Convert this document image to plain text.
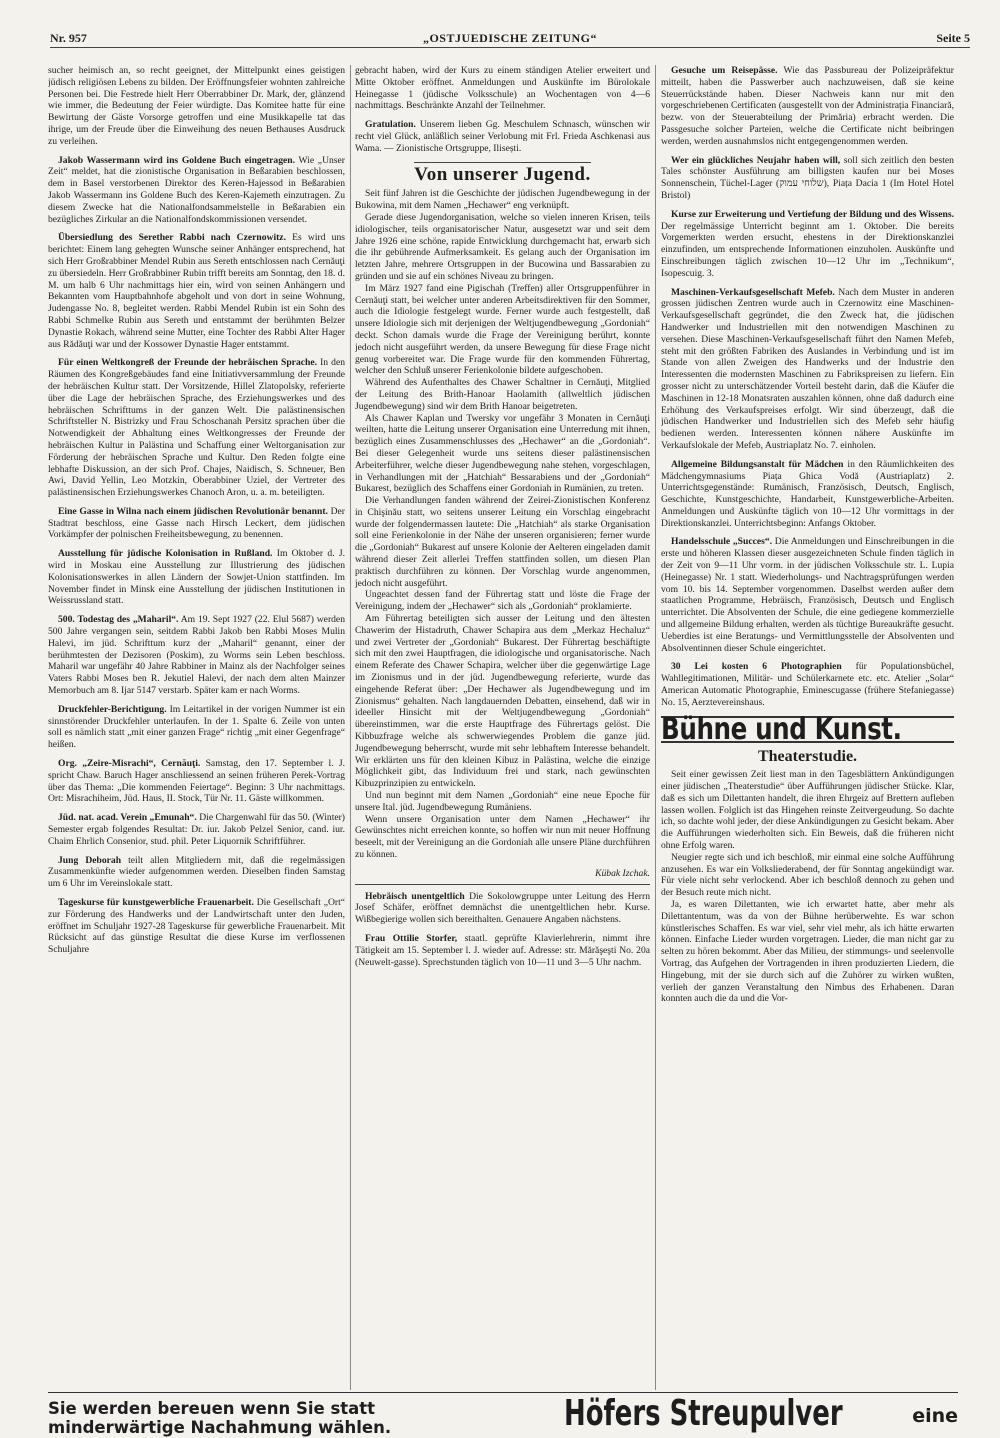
Nr. 957	„OSTJUEDISCHE ZEITUNG“	Seite 5

sucher heimisch an, so recht geeignet, der Mittelpunkt eines geistigen jüdisch religiösen Lebens zu bilden. Der Eröffnungsfeier wohnten zahlreiche Personen bei. Die Festrede hielt Herr Oberrabbiner Dr. Mark, der, glänzend wie immer, die Bedeutung der Feier würdigte. Das Komitee hatte für eine Bewirtung der Gäste Vorsorge getroffen und eine Musikkapelle tat das ihrige, um der Freude über die Einweihung des neuen Bethauses Ausdruck zu verleihen.

Jakob Wassermann wird ins Goldene Buch eingetragen. Wie „Unser Zeit“ meldet, hat die zionistische Organisation in Beßarabien beschlossen, dem in Basel verstorbenen Direktor des Keren-Hajessod in Beßarabien Jakob Wassermann ins Goldene Buch des Keren-Kajemeth einzutragen. Zu diesem Zwecke hat die Nationalfondsammelstelle in Beßarabien ein bezügliches Zirkular an die Nationalfondskommissionen versendet.

Übersiedlung des Serether Rabbi nach Czernowitz. Es wird uns berichtet: Einem lang gehegten Wunsche seiner Anhänger entsprechend, hat sich Herr Großrabbiner Mendel Rubin aus Sereth entschlossen nach Cernăuţi zu übersiedeln. Herr Großrabbiner Rubin trifft bereits am Sonntag, den 18. d. M. um halb 6 Uhr nachmittags hier ein, wird von seinen Anhängern und Bekannten vom Hauptbahnhofe abgeholt und von dort in seine Wohnung, Judengasse No. 8, begleitet werden. Rabbi Mendel Rubin ist ein Sohn des Rabbi Schmelke Rubin aus Sereth und entstammt der berühmten Belzer Dynastie Rokach, während seine Mutter, eine Tochter des Rabbi Alter Hager aus Rădăuţi war und der Kossower Dynastie Hager entstammt.

Für einen Weltkongreß der Freunde der hebräischen Sprache. In den Räumen des Kongreßgebäudes fand eine Initiativversammlung der Freunde der hebräischen Kultur statt. Der Vorsitzende, Hillel Zlatopolsky, referierte über die Lage der hebräischen Sprache, des Erziehungswerkes und des hebräischen Schrifttums in der ganzen Welt. Die palästinensischen Schriftsteller N. Bistrizky und Frau Schoschanah Persitz sprachen über die Notwendigkeit der Abhaltung eines Weltkongresses der Freunde der hebräischen Kultur in Palästina und Schaffung einer Weltorganisation zur Förderung der hebräischen Sprache und Kultur. Den Reden folgte eine lebhafte Diskussion, an der sich Prof. Chajes, Naidisch, S. Schneuer, Ben Awi, David Yellin, Leo Motzkin, Oberabbiner Uziel, der Vertreter des palästinensischen Erziehungswerkes Chanoch Aron, u. a. m. beteiligten.

Eine Gasse in Wilna nach einem jüdischen Revolutionär benannt. Der Stadtrat beschloss, eine Gasse nach Hirsch Leckert, dem jüdischen Vorkämpfer der polnischen Freiheitsbewegung, zu benennen.

Ausstellung für jüdische Kolonisation in Rußland. Im Oktober d. J. wird in Moskau eine Ausstellung zur Illustrierung des jüdischen Kolonisationswerkes in allen Ländern der Sowjet-Union stattfinden. Im November findet in Minsk eine Ausstellung der jüdischen Institutionen in Weissrussland statt.

500. Todestag des „Maharil“. Am 19. Sept 1927 (22. Elul 5687) werden 500 Jahre vergangen sein, seitdem Rabbi Jakob ben Rabbi Moses Mulin Halevi, im jüd. Schrifttum kurz der „Maharil“ genannt, einer der berühmtesten der Dezisoren (Poskim), zu Worms sein Leben beschloss. Maharil war ungefähr 40 Jahre Rabbiner in Mainz als der Nachfolger seines Vaters Rabbi Moses ben R. Jekutiel Halevi, der nach dem alten Mainzer Memorbuch am 8. Ijar 5147 verstarb. Später kam er nach Worms.

Druckfehler-Berichtigung. Im Leitartikel in der vorigen Nummer ist ein sinnstörender Druckfehler unterlaufen. In der 1. Spalte 6. Zeile von unten soll es nämlich statt „mit einer ganzen Frage“ richtig „mit einer Gegenfrage“ heißen.

Org. „Zeire-Misrachi“, Cernăuţi. Samstag, den 17. September l. J. spricht Chaw. Baruch Hager anschliessend an seinen früheren Perek-Vortrag über das Thema: „Die kommenden Feiertage“. Beginn: 3 Uhr nachmittags. Ort: Misrachiheim, Jüd. Haus, II. Stock, Tür Nr. 11. Gäste willkommen.

Jüd. nat. acad. Verein „Emunah“. Die Chargenwahl für das 50. (Winter) Semester ergab folgendes Resultat: Dr. iur. Jakob Pelzel Senior, cand. iur. Chaim Ehrlich Consenior, stud. phil. Peter Liquornik Schriftführer.

Jung Deborah teilt allen Mitgliedern mit, daß die regelmässigen Zusammenkünfte wieder aufgenommen werden. Dieselben finden Samstag um 6 Uhr im Vereinslokale statt.

Tageskurse für kunstgewerbliche Frauenarbeit. Die Gesellschaft „Ort“ zur Förderung des Handwerks und der Landwirtschaft unter den Juden, eröffnet im Schuljahr 1927-28 Tageskurse für gewerbliche Frauenarbeit. Mit Rücksicht auf das günstige Resultat die diese Kurse im verflossenen Schuljahre

gebracht haben, wird der Kurs zu einem ständigen Atelier erweitert und Mitte Oktober eröffnet. Anmeldungen und Auskünfte im Bürolokale Heinegasse 1 (jüdische Volksschule) an Wochentagen von 4—6 nachmittags. Beschränkte Anzahl der Teilnehmer.

Gratulation. Unserem lieben Gg. Meschulem Schnasch, wünschen wir recht viel Glück, anläßlich seiner Verlobung mit Frl. Frieda Aschkenasi aus Wama. — Zionistische Ortsgruppe, Ilisești.

Von unserer Jugend.

Seit fünf Jahren ist die Geschichte der jüdischen Jugendbewegung in der Bukowina, mit dem Namen „Hechawer“ eng verknüpft.

Gerade diese Jugendorganisation, welche so vielen inneren Krisen, teils idiologischer, teils organisatorischer Natur, ausgesetzt war und seit dem Jahre 1926 eine schöne, rapide Entwicklung durchgemacht hat, erwarb sich die ihr gebührende Aufmerksamkeit. Es gelang auch der Organisation im letzten Jahre, mehrere Ortsgruppen in der Bucowina und Bassarabien zu gründen und sie auf ein schönes Niveau zu bringen.

Im März 1927 fand eine Pigischah (Treffen) aller Ortsgruppenführer in Cernăuţi statt, bei welcher unter anderen Arbeitsdirektiven für den Sommer, auch die Idiologie festgelegt wurde. Ferner wurde auch festgestellt, daß unsere Idiologie sich mit derjenigen der Weltjugendbewegung „Gordoniah“ deckt. Schon damals wurde die Frage der Vereinigung berührt, konnte jedoch nicht ausgeführt werden, da unsere Bewegung für diese Frage nicht genug vorbereitet war. Die Frage wurde für den kommenden Führertag, welcher den Schluß unserer Ferienkolonie bildete aufgeschoben.

Während des Aufenthaltes des Chawer Schaltner in Cernăuţi, Mitglied der Leitung des Brith-Hanoar Haolamith (allweltlich jüdischen Jugendbewegung) sind wir dem Brith Hanoar beigetreten.

Als Chawer Kaplan und Twersky vor ungefähr 3 Monaten in Cernăuţi weilten, hatte die Leitung unserer Organisation eine Unterredung mit ihnen, bezüglich eines Zusammenschlusses des „Hechawer“ an die „Gordoniah“. Bei dieser Gelegenheit wurde uns seitens dieser palästinensischen Arbeiterführer, welche dieser Jugendbewegung nahe stehen, vorgeschlagen, in Verhandlungen mit der „Hatchiah“ Bessarabiens und der „Gordoniah“ Bukarest, bezüglich des Schaffens einer Gordoniah in Rumänien, zu treten.

Die Verhandlungen fanden während der Zeirei-Zionistischen Konferenz in Chişinău statt, wo seitens unserer Leitung ein Vorschlag eingebracht wurde der folgendermassen lautete: Die „Hatchiah“ als starke Organisation soll eine Ferienkolonie in der Nähe der unseren organisieren; ferner wurde die „Gordoniah“ Bukarest auf unsere Kolonie der Aelteren eingeladen damit während dieser Zeit allerlei Treffen stattfinden sollen, um diesen Plan praktisch durchführen zu können. Der Vorschlag wurde angenommen, jedoch nicht ausgeführt.

Ungeachtet dessen fand der Führertag statt und löste die Frage der Vereinigung, indem der „Hechawer“ sich als „Gordoniah“ proklamierte.

Am Führertag beteiligten sich ausser der Leitung und den ältesten Chawerim der Histadruth, Chawer Schapira aus dem „Merkaz Hechaluz“ und zwei Vertreter der „Gordoniah“ Bukarest. Der Führertag beschäftigte sich mit den zwei Hauptfragen, die idiologische und organisatorische. Nach einem Referate des Chawer Schapira, welcher über die gegenwärtige Lage im Zionismus und in der jüd. Jugendbewegung referierte, wurde das eingehende Referat über: „Der Hechawer als Jugendbewegung und im Zionismus“ gehalten. Nach langdauernden Debatten, einsehend, daß wir in ideeller Hinsicht mit der Weltjugendbewegung „Gordoniah“ übereinstimmen, war die erste Hauptfrage des Führertags gelöst. Die Kibbuzfrage welche als schwerwiegendes Problem die ganze jüd. Jugendbewegung beherrscht, wurde mit sehr lebhaftem Interesse behandelt. Wir erklärten uns für den kleinen Kibuz in Palästina, welche die einzige Möglichkeit gibt, das Individuum frei und stark, nach gewünschten Kibuzprinzipien zu entwickeln.

Und nun beginnt mit dem Namen „Gordoniah“ eine neue Epoche für unsere Ital. jüd. Jugendbewegung Rumäniens.

Wenn unsere Organisation unter dem Namen „Hechawer“ ihr Gewünschtes nicht erreichen konnte, so hoffen wir nun mit neuer Hoffnung beseelt, mit der Vereinigung an die Gordoniah alle unsere Pläne durchführen zu können.

Kübak Izchak.

Hebräisch unentgeltlich Die Sokolowgruppe unter Leitung des Herrn Josef Schäfer, eröffnet demnächst die unentgeltlichen hebr. Kurse. Wißbegierige wollen sich bereithalten. Genauere Angaben nächstens.

Frau Ottilie Storfer, staatl. geprüfte Klavierlehrerin, nimmt ihre Tätigkeit am 15. September l. J. wieder auf. Adresse: str. Mărăşeşti No. 20a (Neuwelt-gasse). Sprechstunden täglich von 10—11 und 3—5 Uhr nachm.

Gesuche um Reisepässe. Wie das Passbureau der Polizeipräfektur mitteilt, haben die Passwerber auch nachzuweisen, daß sie keine Steuerrückstände haben. Dieser Nachweis kann nur mit den vorgeschriebenen Certificaten (ausgestellt von der Administrația Financiară, bezw. von der Steuerabteilung der Primăria) erbracht werden. Die Passgesuche solcher Parteien, welche die Certificate nicht beibringen werden, werden ausnahmslos nicht entgegengenommen werden.

Wer ein glückliches Neujahr haben will, soll sich zeitlich den besten Tales schönster Ausführung am billigsten kaufen nur bei Moses Sonnenschein, Tüchel-Lager (שלוחי עמוק), Piața Dacia 1 (Im Hotel Hotel Bristol)

Kurse zur Erweiterung und Vertiefung der Bildung und des Wissens. Der regelmässige Unterricht beginnt am 1. Oktober. Die bereits Vorgemerkten werden ersucht, ehestens in der Direktionskanzlei einzufinden, um entsprechende Informationen einzuholen. Auskünfte und Einschreibungen täglich zwischen 10—12 Uhr im „Technikum“, Isopescuig. 3.

Maschinen-Verkaufsgesellschaft Mefeb. Nach dem Muster in anderen grossen jüdischen Zentren wurde auch in Czernowitz eine Maschinen-Verkaufsgesellschaft gegründet, die den Zweck hat, die jüdischen Handwerker und Industriellen mit den notwendigen Maschinen zu versehen. Diese Maschinen-Verkaufsgesellschaft führt den Namen Mefeb, steht mit den größten Fabriken des Auslandes in Verbindung und ist im Stande von allen Zweigen des Handwerks und der Industrie den Interessenten die modernsten Maschinen zu Fabrikspreisen zu liefern. Ein grosser nicht zu unterschätzender Vorteil besteht darin, daß die Käufer die Maschinen in 12-18 Monatsraten auszahlen können, ohne daß dadurch eine Erhöhung des Verkaufspreises erfolgt. Wir sind überzeugt, daß die jüdischen Handwerker und Industriellen sich des Mefeb sehr häufig bedienen werden. Interessenten können nähere Auskünfte im Verkaufslokale der Mefeb, Austriaplatz No. 7. einholen.

Allgemeine Bildungsanstalt für Mädchen in den Räumlichkeiten des Mädchengymnasiums Piața Ghica Vodă (Austriaplatz) 2. Unterrichtsgegenstände: Rumänisch, Französisch, Deutsch, Englisch, Geschichte, Kunstgeschichte, Handarbeit, Kunstgewerbliche-Arbeiten. Anmeldungen und Auskünfte täglich von 10—12 Uhr vormittags in der Direktionskanzlei. Unterrichtsbeginn: Anfangs Oktober.

Handelsschule „Succes“. Die Anmeldungen und Einschreibungen in die erste und höheren Klassen dieser ausgezeichneten Schule finden täglich in der Zeit von 9—11 Uhr vorm. in der jüdischen Volksschule str. L. Lupia (Heinegasse) Nr. 1 statt. Wiederholungs- und Nachtragsprüfungen werden vom 10. bis 14. September vorgenommen. Daselbst werden außer dem staatlichen Programme, Hebräisch, Französisch, Deutsch und Englisch unterrichtet. Die Absolventen der Schule, die eine gediegene kommerzielle und allgemeine Bildung erhalten, werden als tüchtige Bureaukräfte gesucht. Ueberdies ist eine Beratungs- und Vermittlungsstelle der Absolventen und Absolventinnen dieser Schule eingerichtet.

30 Lei kosten 6 Photographien für Populationsbüchel, Wahllegitimationen, Militär- und Schülerkarnete etc. etc. Atelier „Solar“ American Automatic Photographie, Eminescugasse (frühere Stefaniegasse) No. 15, Aerztevereinshaus.

Bühne und Kunst.
Theaterstudie.

Seit einer gewissen Zeit liest man in den Tagesblättern Ankündigungen einer jüdischen „Theaterstudie“ über Aufführungen jüdischer Stücke. Klar, daß es sich um Dilettanten handelt, die ihren Ehrgeiz auf Brettern aufleben lassen wollen. Folglich ist das Hingehen reinste Zeitvergeudung. So dachte ich, so dachte wohl jeder, der diese Ankündigungen zu Gesicht bekam. Aber die Aufführungen wiederholten sich. Ein Beweis, daß die früheren nicht ohne Erfolg waren.

Neugier regte sich und ich beschloß, mir einmal eine solche Aufführung anzusehen. Es war ein Volksliederabend, der für Sonntag angekündigt war. Für viele nicht sehr verlockend. Aber ich beschloß dennoch zu gehen und der Besuch reute mich nicht.

Ja, es waren Dilettanten, wie ich erwartet hatte, aber mehr als Dilettantentum, was da von der Bühne herüberwehte. Es war schon künstlerisches Schaffen. Es war viel, sehr viel mehr, als ich hätte erwarten können. Einfache Lieder wurden vorgetragen. Lieder, die man nicht gar zu selten zu hören bekommt. Aber das Milieu, der stimmungs- und seelenvolle Vortrag, das Aufgehen der Vortragenden in ihren produzierten Liedern, die Hingebung, mit der sie durch sich auf die Zuhörer zu wirken wußten, verlieh der ganzen Veranstaltung den Nimbus des Erhabenen. Daran konnten auch die da und die Vor-

Sie werden bereuen wenn Sie statt
minderwärtige Nachahmung wählen.	Höfers Streupulver	eine
